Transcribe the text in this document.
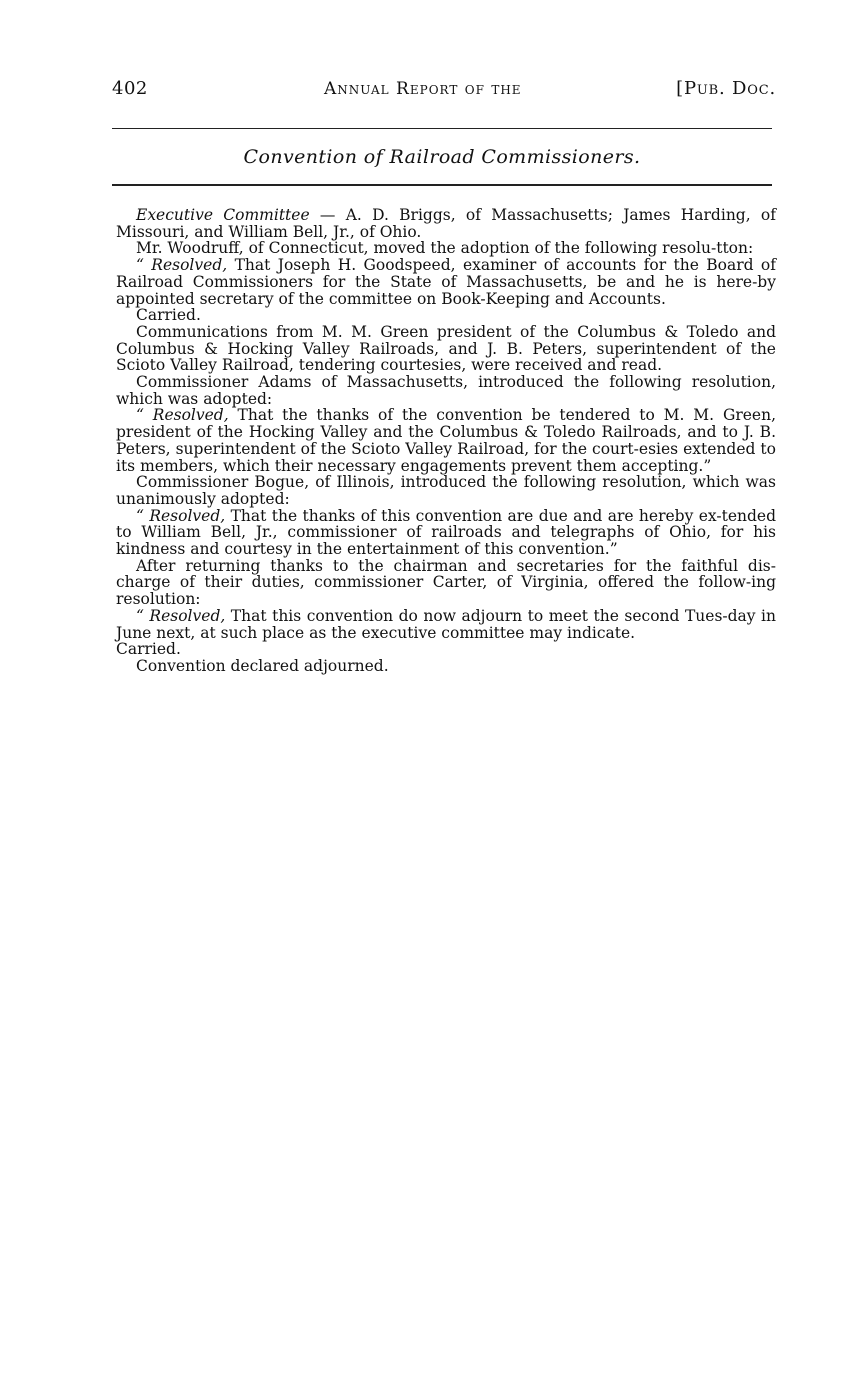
402	Annual Report of the	[Pub. Doc.
Convention of Railroad Commissioners.

Executive Committee — A. D. Briggs, of Massachusetts; James Harding, of Missouri, and William Bell, Jr., of Ohio.

Mr. Woodruff, of Connecticut, moved the adoption of the following resolu-tton:

“ Resolved, That Joseph H. Goodspeed, examiner of accounts for the Board of Railroad Commissioners for the State of Massachusetts, be and he is here-by appointed secretary of the committee on Book-Keeping and Accounts.

Carried.

Communications from M. M. Green president of the Columbus & Toledo and Columbus & Hocking Valley Railroads, and J. B. Peters, superintendent of the Scioto Valley Railroad, tendering courtesies, were received and read.

Commissioner Adams of Massachusetts, introduced the following resolution, which was adopted:

“ Resolved, That the thanks of the convention be tendered to M. M. Green, president of the Hocking Valley and the Columbus & Toledo Railroads, and to J. B. Peters, superintendent of the Scioto Valley Railroad, for the court-esies extended to its members, which their necessary engagements prevent them accepting.”

Commissioner Bogue, of Illinois, introduced the following resolution, which was unanimously adopted:

“ Resolved, That the thanks of this convention are due and are hereby ex-tended to William Bell, Jr., commissioner of railroads and telegraphs of Ohio, for his kindness and courtesy in the entertainment of this convention.”

After returning thanks to the chairman and secretaries for the faithful dis-charge of their duties, commissioner Carter, of Virginia, offered the follow-ing resolution:

“ Resolved, That this convention do now adjourn to meet the second Tues-day in June next, at such place as the executive committee may indicate.

Carried.

Convention declared adjourned.
